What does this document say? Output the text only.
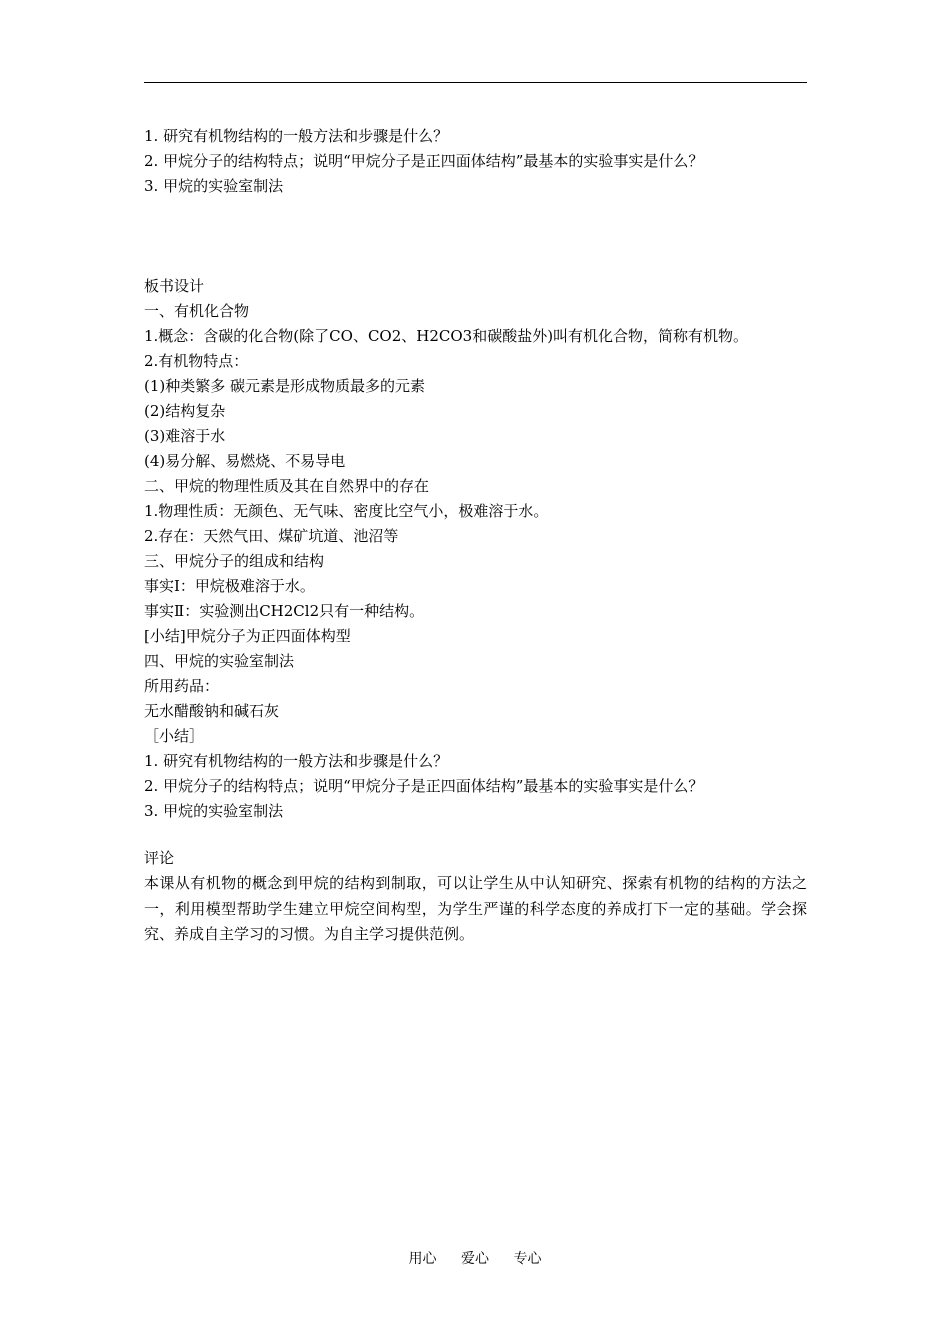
1. 研究有机物结构的一般方法和步骤是什么？
2. 甲烷分子的结构特点；说明“甲烷分子是正四面体结构”最基本的实验事实是什么？
3. 甲烷的实验室制法
板书设计
一、有机化合物
1.概念：含碳的化合物(除了CO、CO2、H2CO3和碳酸盐外)叫有机化合物，简称有机物。
2.有机物特点：
(1)种类繁多 碳元素是形成物质最多的元素
(2)结构复杂
(3)难溶于水
(4)易分解、易燃烧、不易导电
二、甲烷的物理性质及其在自然界中的存在
1.物理性质：无颜色、无气味、密度比空气小，极难溶于水。
2.存在：天然气田、煤矿坑道、池沼等
三、甲烷分子的组成和结构
事实Ⅰ：甲烷极难溶于水。
事实Ⅱ：实验测出CH2Cl2只有一种结构。
[小结]甲烷分子为正四面体构型
四、甲烷的实验室制法
所用药品：
无水醋酸钠和碱石灰
［小结］
1. 研究有机物结构的一般方法和步骤是什么？
2. 甲烷分子的结构特点；说明“甲烷分子是正四面体结构”最基本的实验事实是什么？
3. 甲烷的实验室制法
评论
本课从有机物的概念到甲烷的结构到制取，可以让学生从中认知研究、探索有机物的结构的方法之一，利用模型帮助学生建立甲烷空间构型，为学生严谨的科学态度的养成打下一定的基础。学会探究、养成自主学习的习惯。为自主学习提供范例。
用心 爱心 专心
